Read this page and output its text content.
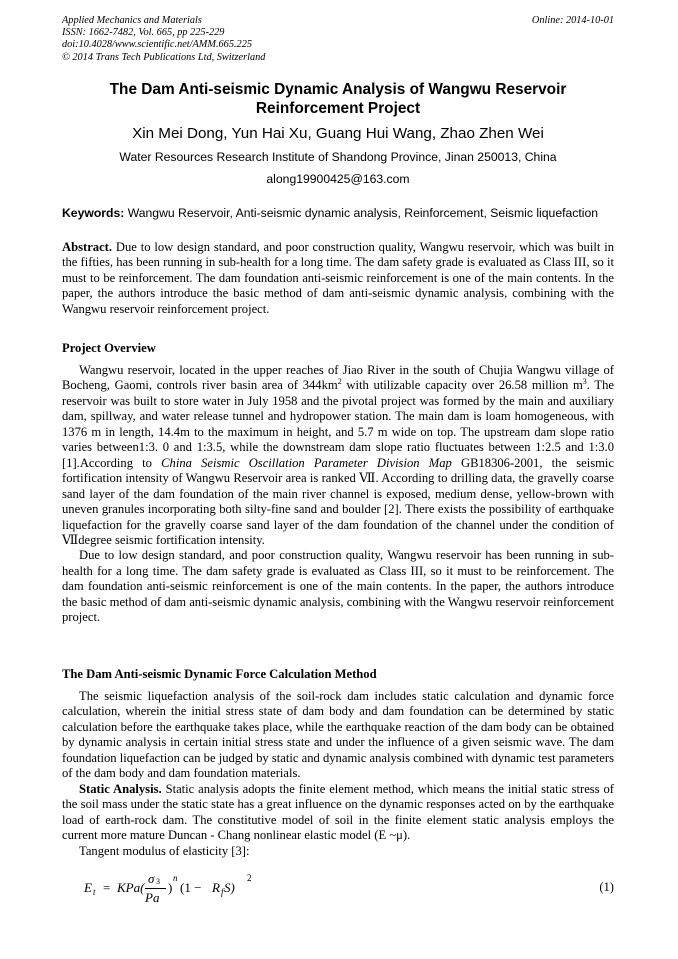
Applied Mechanics and Materials
ISSN: 1662-7482, Vol. 665, pp 225-229
doi:10.4028/www.scientific.net/AMM.665.225
© 2014 Trans Tech Publications Ltd, Switzerland
Online: 2014-10-01
The Dam Anti-seismic Dynamic Analysis of Wangwu Reservoir
Reinforcement Project
Xin Mei Dong, Yun Hai Xu, Guang Hui Wang, Zhao Zhen Wei
Water Resources Research Institute of Shandong Province, Jinan 250013, China
along19900425@163.com
Keywords: Wangwu Reservoir, Anti-seismic dynamic analysis, Reinforcement, Seismic liquefaction

Abstract. Due to low design standard, and poor construction quality, Wangwu reservoir, which was built in the fifties, has been running in sub-health for a long time. The dam safety grade is evaluated as Class III, so it must to be reinforcement. The dam foundation anti-seismic reinforcement is one of the main contents. In the paper, the authors introduce the basic method of dam anti-seismic dynamic analysis, combining with the Wangwu reservoir reinforcement project.

Project Overview

Wangwu reservoir, located in the upper reaches of Jiao River in the south of Chujia Wangwu village of Bocheng, Gaomi, controls river basin area of $344km^2$ with utilizable capacity over 26.58 million $m^3$. The reservoir was built to store water in July 1958 and the pivotal project was formed by the main and auxiliary dam, spillway, and water release tunnel and hydropower station. The main dam is loam homogeneous, with 1376 m in length, 14.4m to the maximum in height, and 5.7 m wide on top. The upstream dam slope ratio varies between1:3. 0 and 1:3.5, while the downstream dam slope ratio fluctuates between 1:2.5 and 1:3.0 [1].According to China Seismic Oscillation Parameter Division Map GB18306-2001, the seismic fortification intensity of Wangwu Reservoir area is ranked Ⅶ. According to drilling data, the gravelly coarse sand layer of the dam foundation of the main river channel is exposed, medium dense, yellow-brown with uneven granules incorporating both silty-fine sand and boulder [2]. There exists the possibility of earthquake liquefaction for the gravelly coarse sand layer of the dam foundation of the channel under the condition of Ⅶdegree seismic fortification intensity.

Due to low design standard, and poor construction quality, Wangwu reservoir has been running in sub-health for a long time. The dam safety grade is evaluated as Class III, so it must to be reinforcement. The dam foundation anti-seismic reinforcement is one of the main contents. In the paper, the authors introduce the basic method of dam anti-seismic dynamic analysis, combining with the Wangwu reservoir reinforcement project.

The Dam Anti-seismic Dynamic Force Calculation Method

The seismic liquefaction analysis of the soil-rock dam includes static calculation and dynamic force calculation, wherein the initial stress state of dam body and dam foundation can be determined by static calculation before the earthquake takes place, while the earthquake reaction of the dam body can be obtained by dynamic analysis in certain initial stress state and under the influence of a given seismic wave. The dam foundation liquefaction can be judged by static and dynamic analysis combined with dynamic test parameters of the dam body and dam foundation materials.

Static Analysis. Static analysis adopts the finite element method, which means the initial static stress of the soil mass under the static state has a great influence on the dynamic responses acted on by the earthquake load of earth-rock dam. The constitutive model of soil in the finite element static analysis employs the current more mature Duncan - Chang nonlinear elastic model (E ~μ).

Tangent modulus of elasticity [3]:

E t = KPa(
σ 3
Pa
)
n
(1 − R f S)
2
(1)
